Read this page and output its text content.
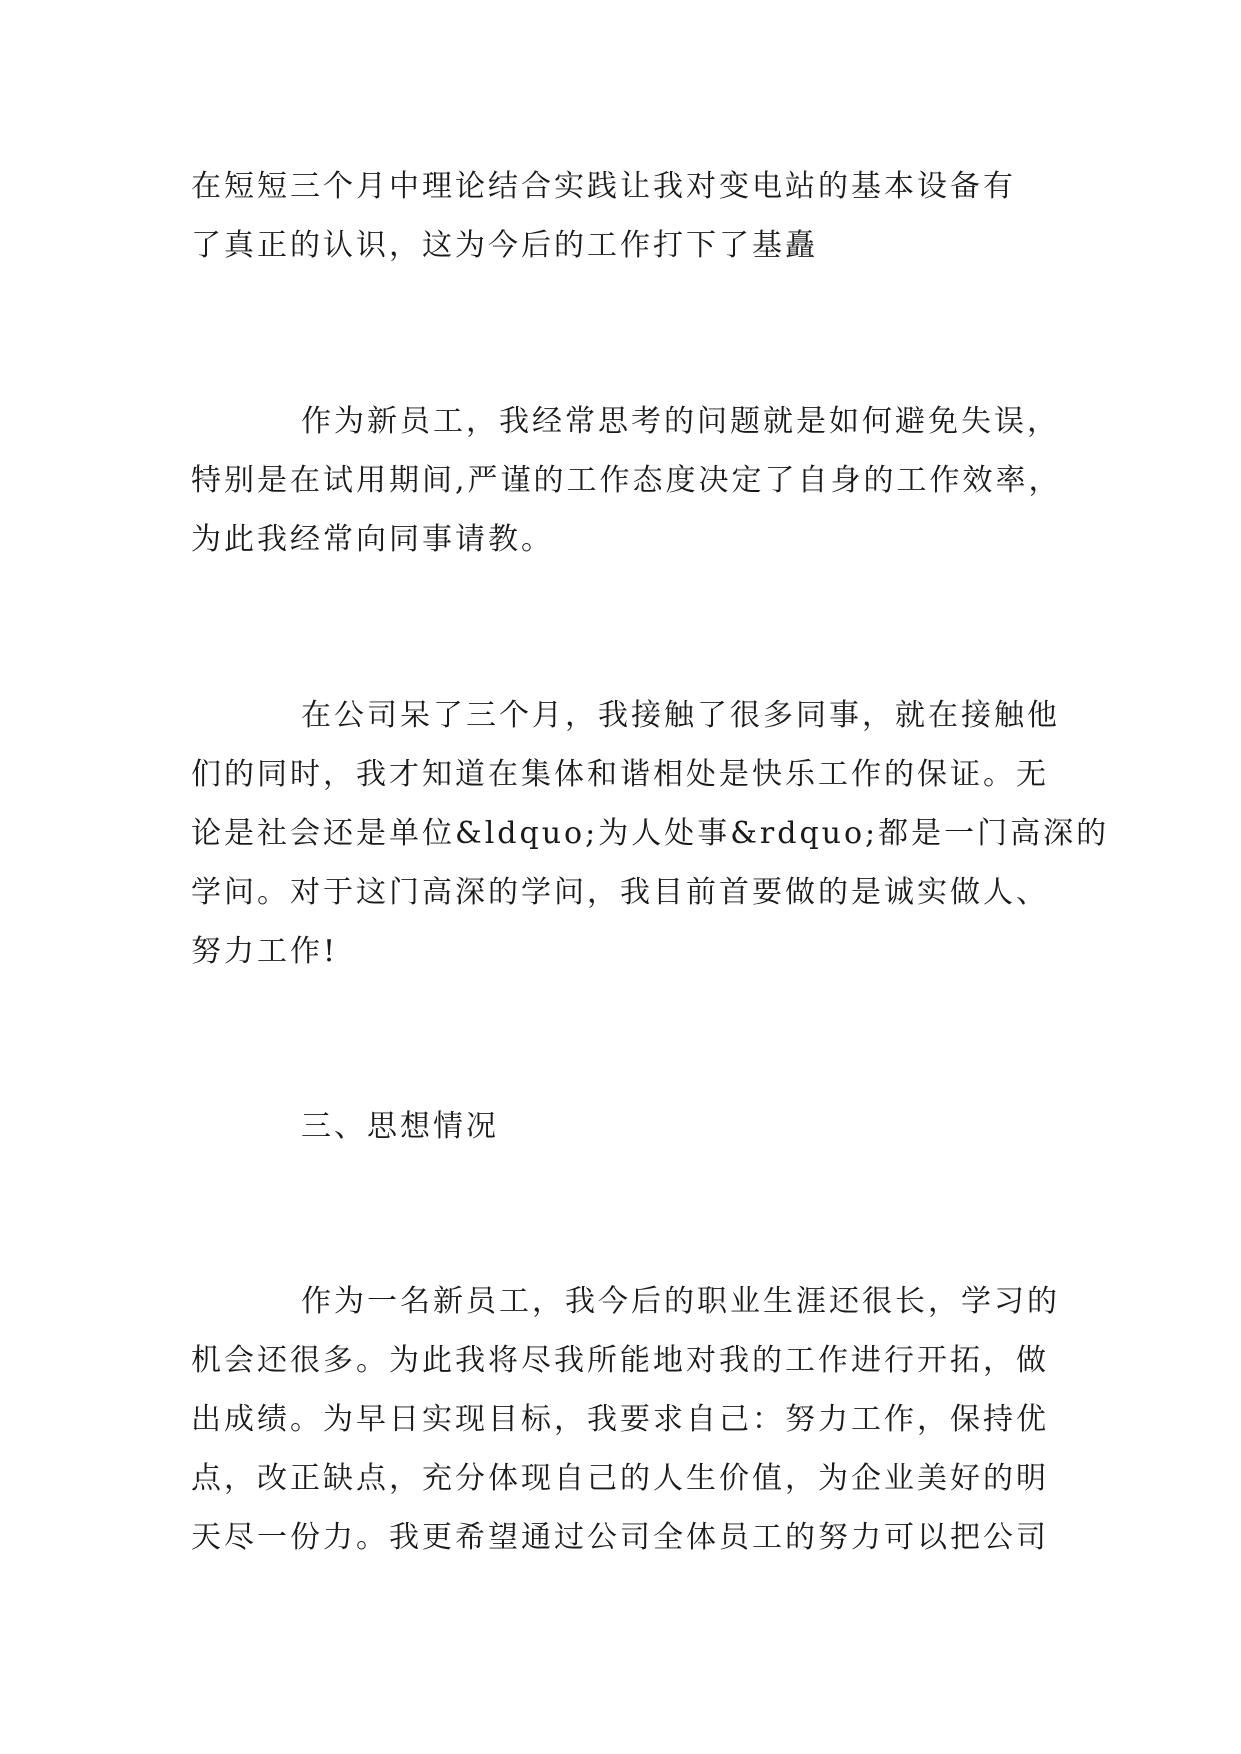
在短短三个月中理论结合实践让我对变电站的基本设备有
了真正的认识，这为今后的工作打下了基矗

作为新员工，我经常思考的问题就是如何避免失误，
特别是在试用期间,严谨的工作态度决定了自身的工作效率，
为此我经常向同事请教。

在公司呆了三个月，我接触了很多同事，就在接触他
们的同时，我才知道在集体和谐相处是快乐工作的保证。无
论是社会还是单位&ldquo;为人处事&rdquo;都是一门高深的
学问。对于这门高深的学问，我目前首要做的是诚实做人、
努力工作!

三、思想情况

作为一名新员工，我今后的职业生涯还很长，学习的
机会还很多。为此我将尽我所能地对我的工作进行开拓，做
出成绩。为早日实现目标，我要求自己：努力工作，保持优
点，改正缺点，充分体现自己的人生价值，为企业美好的明
天尽一份力。我更希望通过公司全体员工的努力可以把公司
